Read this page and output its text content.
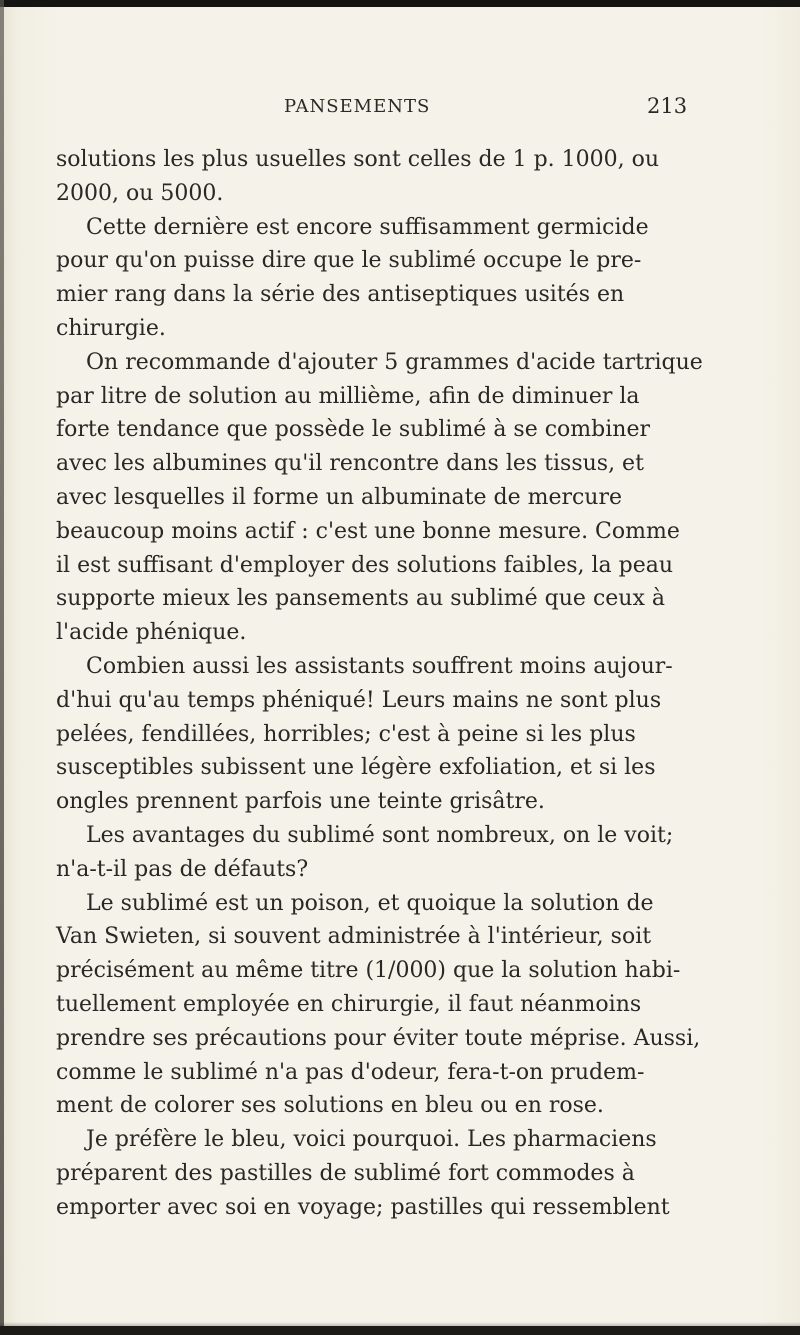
PANSEMENTS	213
solutions les plus usuelles sont celles de 1 p. 1000, ou
2000, ou 5000.
Cette dernière est encore suffisamment germicide
pour qu'on puisse dire que le sublimé occupe le pre-
mier rang dans la série des antiseptiques usités en
chirurgie.
On recommande d'ajouter 5 grammes d'acide tartrique
par litre de solution au millième, afin de diminuer la
forte tendance que possède le sublimé à se combiner
avec les albumines qu'il rencontre dans les tissus, et
avec lesquelles il forme un albuminate de mercure
beaucoup moins actif : c'est une bonne mesure. Comme
il est suffisant d'employer des solutions faibles, la peau
supporte mieux les pansements au sublimé que ceux à
l'acide phénique.
Combien aussi les assistants souffrent moins aujour-
d'hui qu'au temps phéniqué! Leurs mains ne sont plus
pelées, fendillées, horribles; c'est à peine si les plus
susceptibles subissent une légère exfoliation, et si les
ongles prennent parfois une teinte grisâtre.
Les avantages du sublimé sont nombreux, on le voit;
n'a-t-il pas de défauts?
Le sublimé est un poison, et quoique la solution de
Van Swieten, si souvent administrée à l'intérieur, soit
précisément au même titre (1/000) que la solution habi-
tuellement employée en chirurgie, il faut néanmoins
prendre ses précautions pour éviter toute méprise. Aussi,
comme le sublimé n'a pas d'odeur, fera-t-on prudem-
ment de colorer ses solutions en bleu ou en rose.
Je préfère le bleu, voici pourquoi. Les pharmaciens
préparent des pastilles de sublimé fort commodes à
emporter avec soi en voyage; pastilles qui ressemblent
